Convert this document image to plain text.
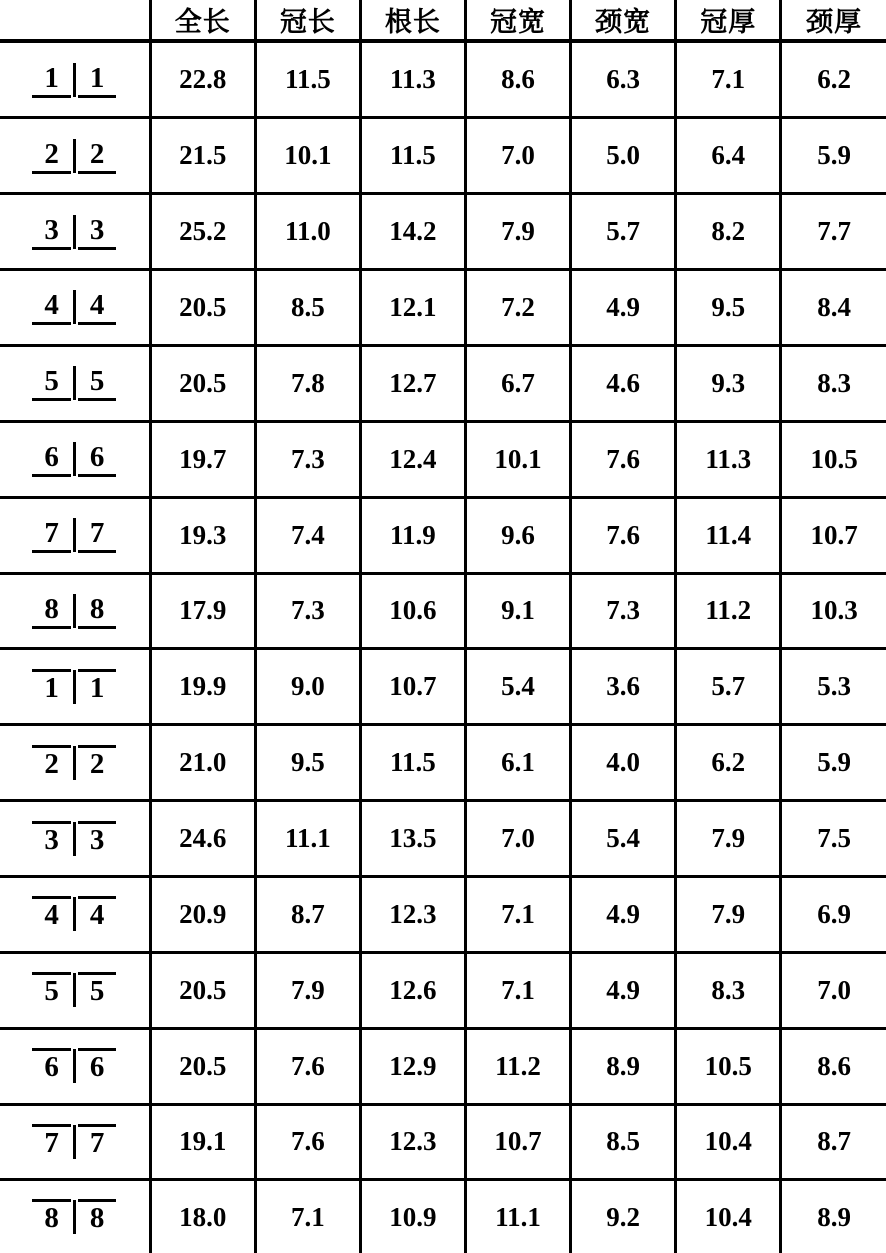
	全长	冠长	根长	冠宽	颈宽	冠厚	颈厚

1 1	22.8	11.5	11.3	8.6	6.3	7.1	6.2

2 2	21.5	10.1	11.5	7.0	5.0	6.4	5.9

3 3	25.2	11.0	14.2	7.9	5.7	8.2	7.7

4 4	20.5	8.5	12.1	7.2	4.9	9.5	8.4

5 5	20.5	7.8	12.7	6.7	4.6	9.3	8.3

6 6	19.7	7.3	12.4	10.1	7.6	11.3	10.5

7 7	19.3	7.4	11.9	9.6	7.6	11.4	10.7

8 8	17.9	7.3	10.6	9.1	7.3	11.2	10.3

1 1	19.9	9.0	10.7	5.4	3.6	5.7	5.3

2 2	21.0	9.5	11.5	6.1	4.0	6.2	5.9

3 3	24.6	11.1	13.5	7.0	5.4	7.9	7.5

4 4	20.9	8.7	12.3	7.1	4.9	7.9	6.9

5 5	20.5	7.9	12.6	7.1	4.9	8.3	7.0

6 6	20.5	7.6	12.9	11.2	8.9	10.5	8.6

7 7	19.1	7.6	12.3	10.7	8.5	10.4	8.7

8 8	18.0	7.1	10.9	11.1	9.2	10.4	8.9
